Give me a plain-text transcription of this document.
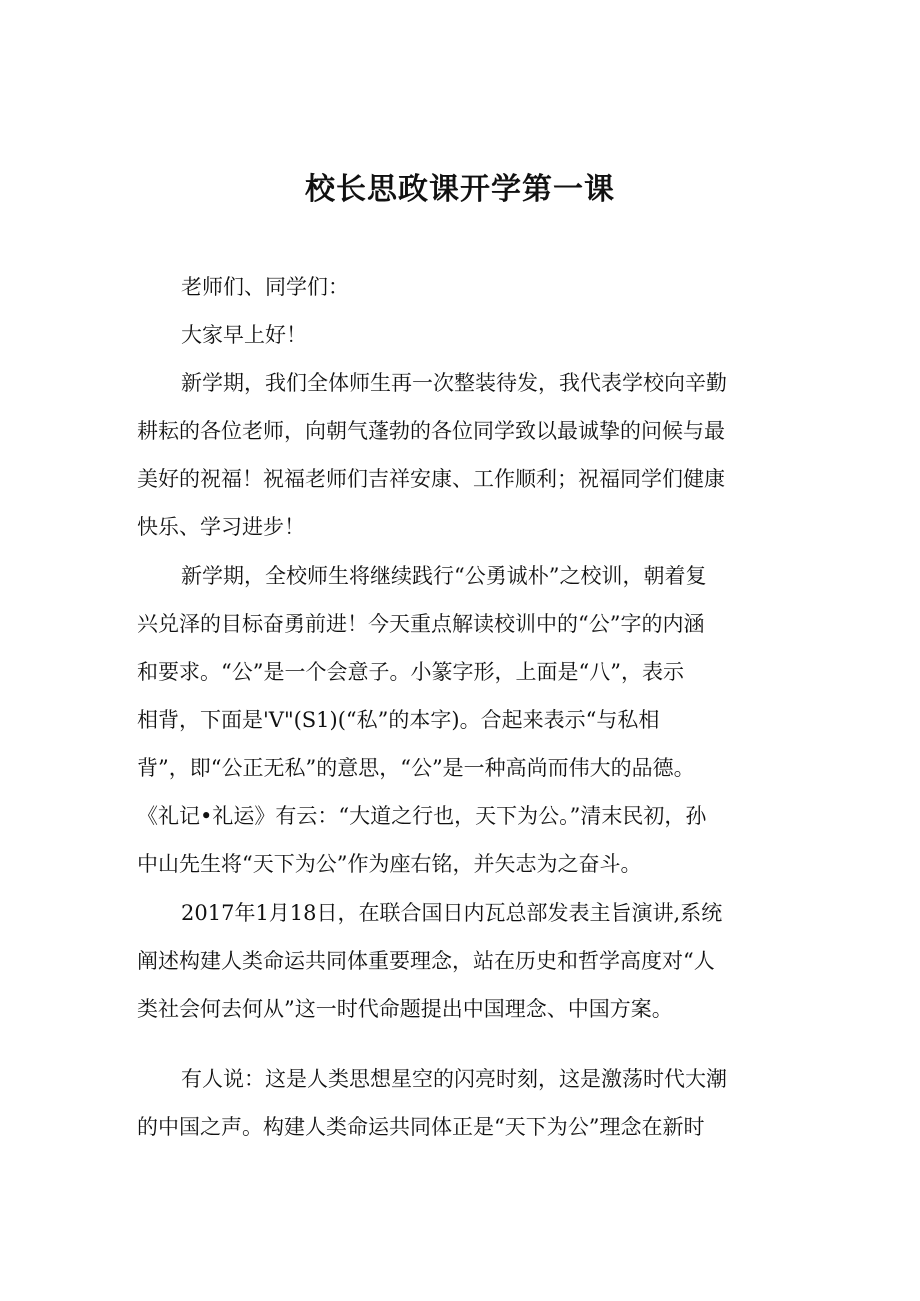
校长思政课开学第一课

老师们、同学们：

大家早上好！

新学期，我们全体师生再一次整装待发，我代表学校向辛勤

耕耘的各位老师，向朝气蓬勃的各位同学致以最诚挚的问候与最

美好的祝福！祝福老师们吉祥安康、工作顺利；祝福同学们健康

快乐、学习进步！

新学期，全校师生将继续践行“公勇诚朴”之校训，朝着复

兴兑泽的目标奋勇前进！今天重点解读校训中的“公”字的内涵

和要求。“公”是一个会意子。小篆字形，上面是“八”，表示

相背，下面是'V"(S1)(“私”的本字)。合起来表示“与私相

背”，即“公正无私”的意思，“公”是一种高尚而伟大的品德。

《礼记•礼运》有云：“大道之行也，天下为公。”清末民初，孙

中山先生将“天下为公”作为座右铭，并矢志为之奋斗。

2017年1月18日，在联合国日内瓦总部发表主旨演讲,系统

阐述构建人类命运共同体重要理念，站在历史和哲学高度对“人

类社会何去何从”这一时代命题提出中国理念、中国方案。

有人说：这是人类思想星空的闪亮时刻，这是激荡时代大潮

的中国之声。构建人类命运共同体正是“天下为公”理念在新时
